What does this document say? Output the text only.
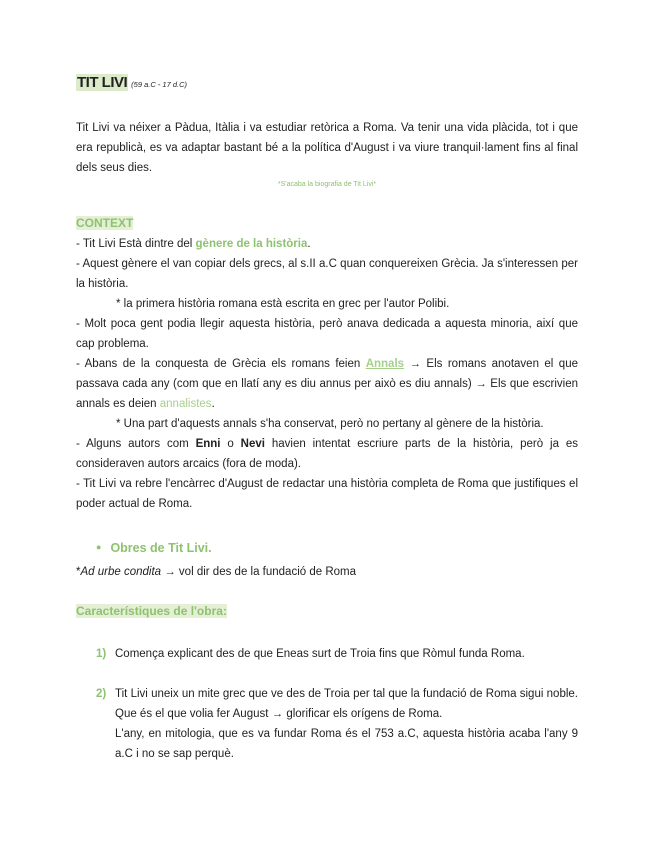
TIT LIVI (59 a.C - 17 d.C)
Tit Livi va néixer a Pàdua, Itàlia i va estudiar retòrica a Roma. Va tenir una vida plàcida, tot i que era republicà, es va adaptar bastant bé a la política d'August i va viure tranquil·lament fins al final dels seus dies.
*S'acaba la biografia de Tit Livi*
CONTEXT
- Tit Livi Està dintre del gènere de la història.
- Aquest gènere el van copiar dels grecs, al s.II a.C quan conquereixen Grècia. Ja s'interessen per la història.
* la primera història romana està escrita en grec per l'autor Polibi.
- Molt poca gent podia llegir aquesta història, però anava dedicada a aquesta minoria, així que cap problema.
- Abans de la conquesta de Grècia els romans feien Annals → Els romans anotaven el que passava cada any (com que en llatí any es diu annus per això es diu annals) → Els que escrivien annals es deien annalistes.
* Una part d'aquests annals s'ha conservat, però no pertany al gènere de la història.
- Alguns autors com Enni o Nevi havien intentat escriure parts de la història, però ja es consideraven autors arcaics (fora de moda).
- Tit Livi va rebre l'encàrrec d'August de redactar una història completa de Roma que justifiques el poder actual de Roma.
● Obres de Tit Livi.
*Ad urbe condita → vol dir des de la fundació de Roma
Característiques de l'obra:
1) Comença explicant des de que Eneas surt de Troia fins que Ròmul funda Roma.
2) Tit Livi uneix un mite grec que ve des de Troia per tal que la fundació de Roma sigui noble. Que és el que volia fer August → glorificar els orígens de Roma.
L'any, en mitologia, que es va fundar Roma és el 753 a.C, aquesta història acaba l'any 9 a.C i no se sap perquè.
